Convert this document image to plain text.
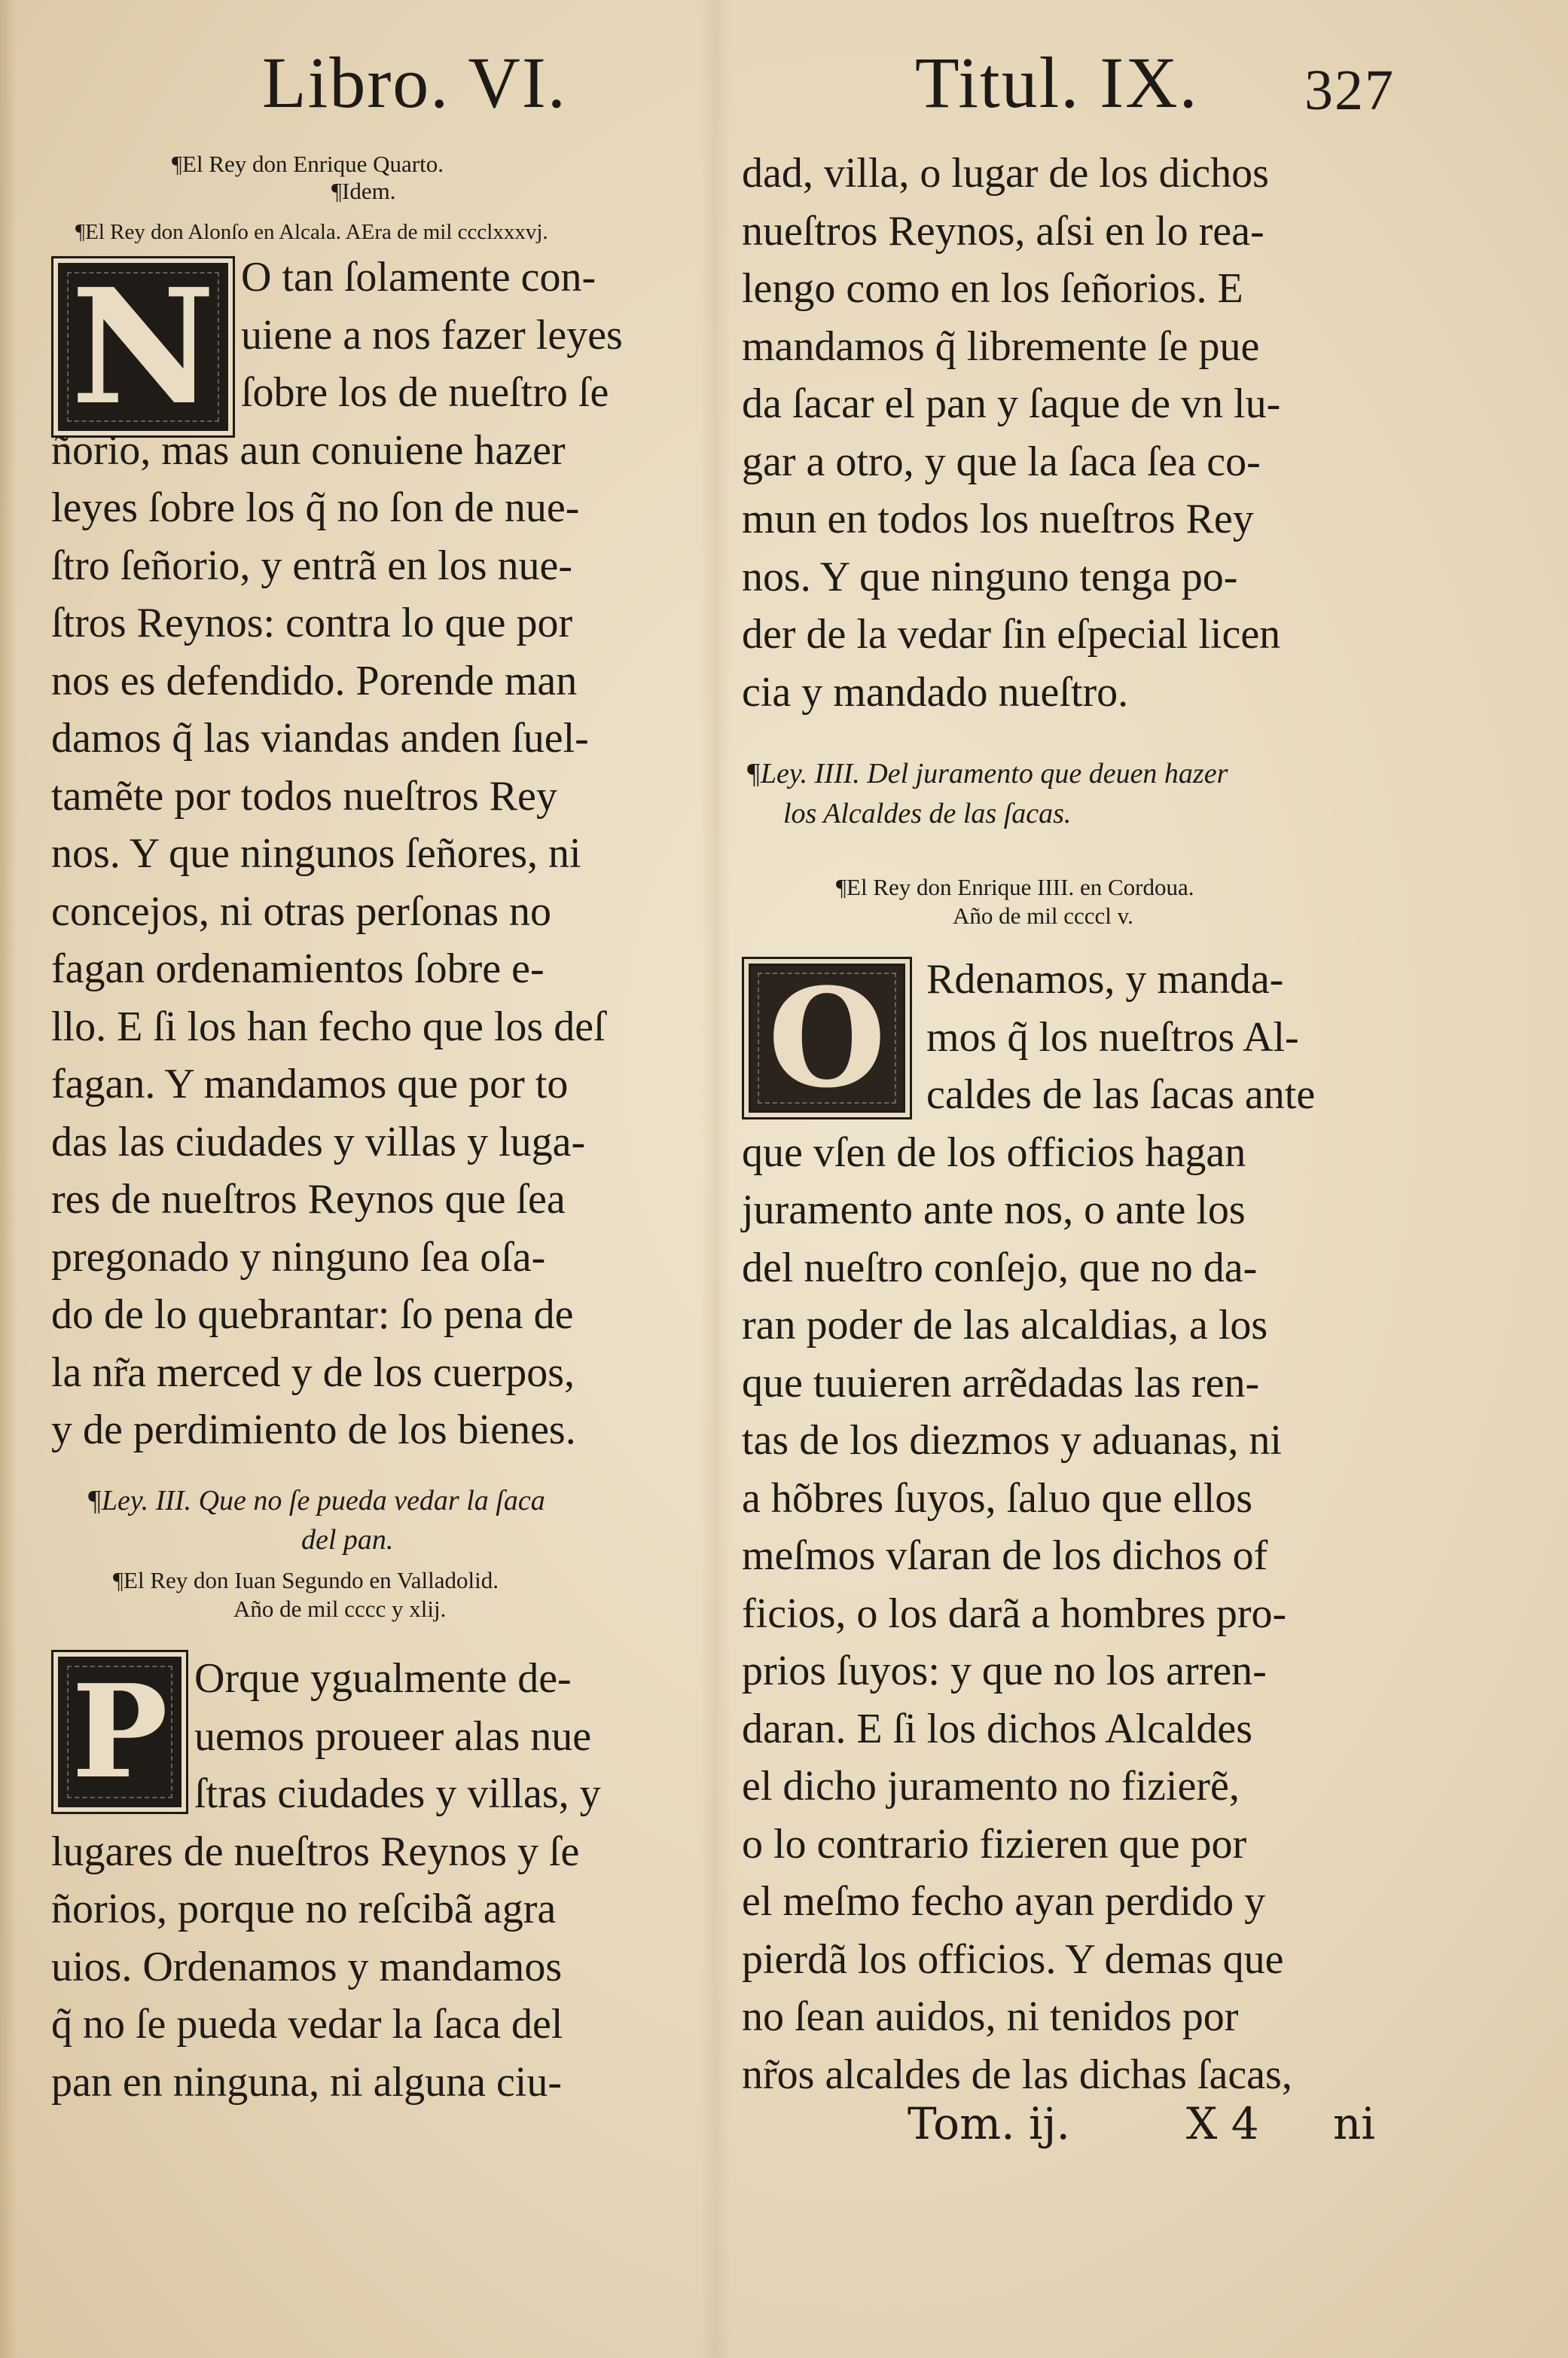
Libro. VI.	Titul. IX. 327
¶El Rey don Enrique Quarto.
¶Idem.
¶El Rey don Alonſo en Alcala. AEra de mil ccclxxxvj.
N O tan ſolamente con-
uiene a nos fazer leyes
ſobre los de nueſtro ſe
ñorio, mas aun conuiene hazer
leyes ſobre los q̃ no ſon de nue-
ſtro ſeñorio, y entrã en los nue-
ſtros Reynos: contra lo que por
nos es defendido. Porende man
damos q̃ las viandas anden ſuel-
tamẽte por todos nueſtros Rey
nos. Y que ningunos ſeñores, ni
concejos, ni otras perſonas no
fagan ordenamientos ſobre e-
llo. E ſi los han fecho que los deſ
fagan. Y mandamos que por to
das las ciudades y villas y luga-
res de nueſtros Reynos que ſea
pregonado y ninguno ſea oſa-
do de lo quebrantar: ſo pena de
la nr̃a merced y de los cuerpos,
y de perdimiento de los bienes.
¶Ley. III. Que no ſe pueda vedar la ſaca
del pan.
¶El Rey don Iuan Segundo en Valladolid.
Año de mil cccc y xlij.
P Orque ygualmente de-
uemos proueer alas nue
ſtras ciudades y villas, y
lugares de nueſtros Reynos y ſe
ñorios, porque no reſcibã agra
uios. Ordenamos y mandamos
q̃ no ſe pueda vedar la ſaca del
pan en ninguna, ni alguna ciu-
dad, villa, o lugar de los dichos
nueſtros Reynos, aſsi en lo rea-
lengo como en los ſeñorios. E
mandamos q̃ libremente ſe pue
da ſacar el pan y ſaque de vn lu-
gar a otro, y que la ſaca ſea co-
mun en todos los nueſtros Rey
nos. Y que ninguno tenga po-
der de la vedar ſin eſpecial licen
cia y mandado nueſtro.
¶Ley. IIII. Del juramento que deuen hazer
los Alcaldes de las ſacas.
¶El Rey don Enrique IIII. en Cordoua.
Año de mil ccccl v.
O Rdenamos, y manda-
mos q̃ los nueſtros Al-
caldes de las ſacas ante
que vſen de los officios hagan
juramento ante nos, o ante los
del nueſtro conſejo, que no da-
ran poder de las alcaldias, a los
que tuuieren arrẽdadas las ren-
tas de los diezmos y aduanas, ni
a hõbres ſuyos, ſaluo que ellos
meſmos vſaran de los dichos of
ficios, o los darã a hombres pro-
prios ſuyos: y que no los arren-
daran. E ſi los dichos Alcaldes
el dicho juramento no fizierẽ,
o lo contrario fizieren que por
el meſmo fecho ayan perdido y
pierdã los officios. Y demas que
no ſean auidos, ni tenidos por
nr̃os alcaldes de las dichas ſacas,
Tom. ij.	X 4 ni
